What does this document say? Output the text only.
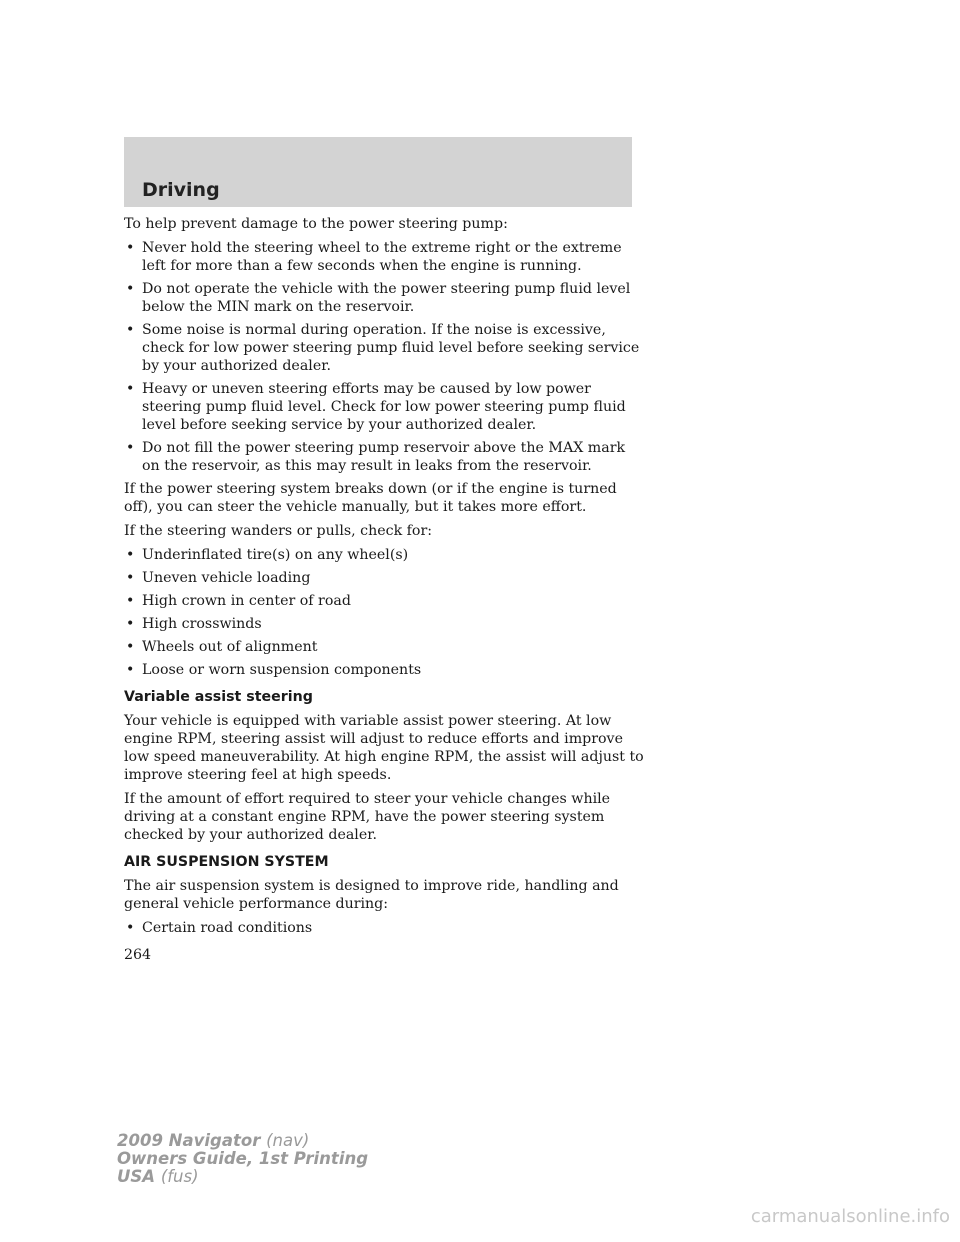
Driving

To help prevent damage to the power steering pump:

• Never hold the steering wheel to the extreme right or the extreme left for more than a few seconds when the engine is running.
• Do not operate the vehicle with the power steering pump fluid level below the MIN mark on the reservoir.
• Some noise is normal during operation. If the noise is excessive, check for low power steering pump fluid level before seeking service by your authorized dealer.
• Heavy or uneven steering efforts may be caused by low power steering pump fluid level. Check for low power steering pump fluid level before seeking service by your authorized dealer.
• Do not fill the power steering pump reservoir above the MAX mark on the reservoir, as this may result in leaks from the reservoir.

If the power steering system breaks down (or if the engine is turned off), you can steer the vehicle manually, but it takes more effort.

If the steering wanders or pulls, check for:

• Underinflated tire(s) on any wheel(s)
• Uneven vehicle loading
• High crown in center of road
• High crosswinds
• Wheels out of alignment
• Loose or worn suspension components
Variable assist steering

Your vehicle is equipped with variable assist power steering. At low engine RPM, steering assist will adjust to reduce efforts and improve low speed maneuverability. At high engine RPM, the assist will adjust to improve steering feel at high speeds.

If the amount of effort required to steer your vehicle changes while driving at a constant engine RPM, have the power steering system checked by your authorized dealer.

AIR SUSPENSION SYSTEM

The air suspension system is designed to improve ride, handling and general vehicle performance during:

• Certain road conditions
264
2009 Navigator (nav)
Owners Guide, 1st Printing
USA (fus)
carmanualsonline.info
